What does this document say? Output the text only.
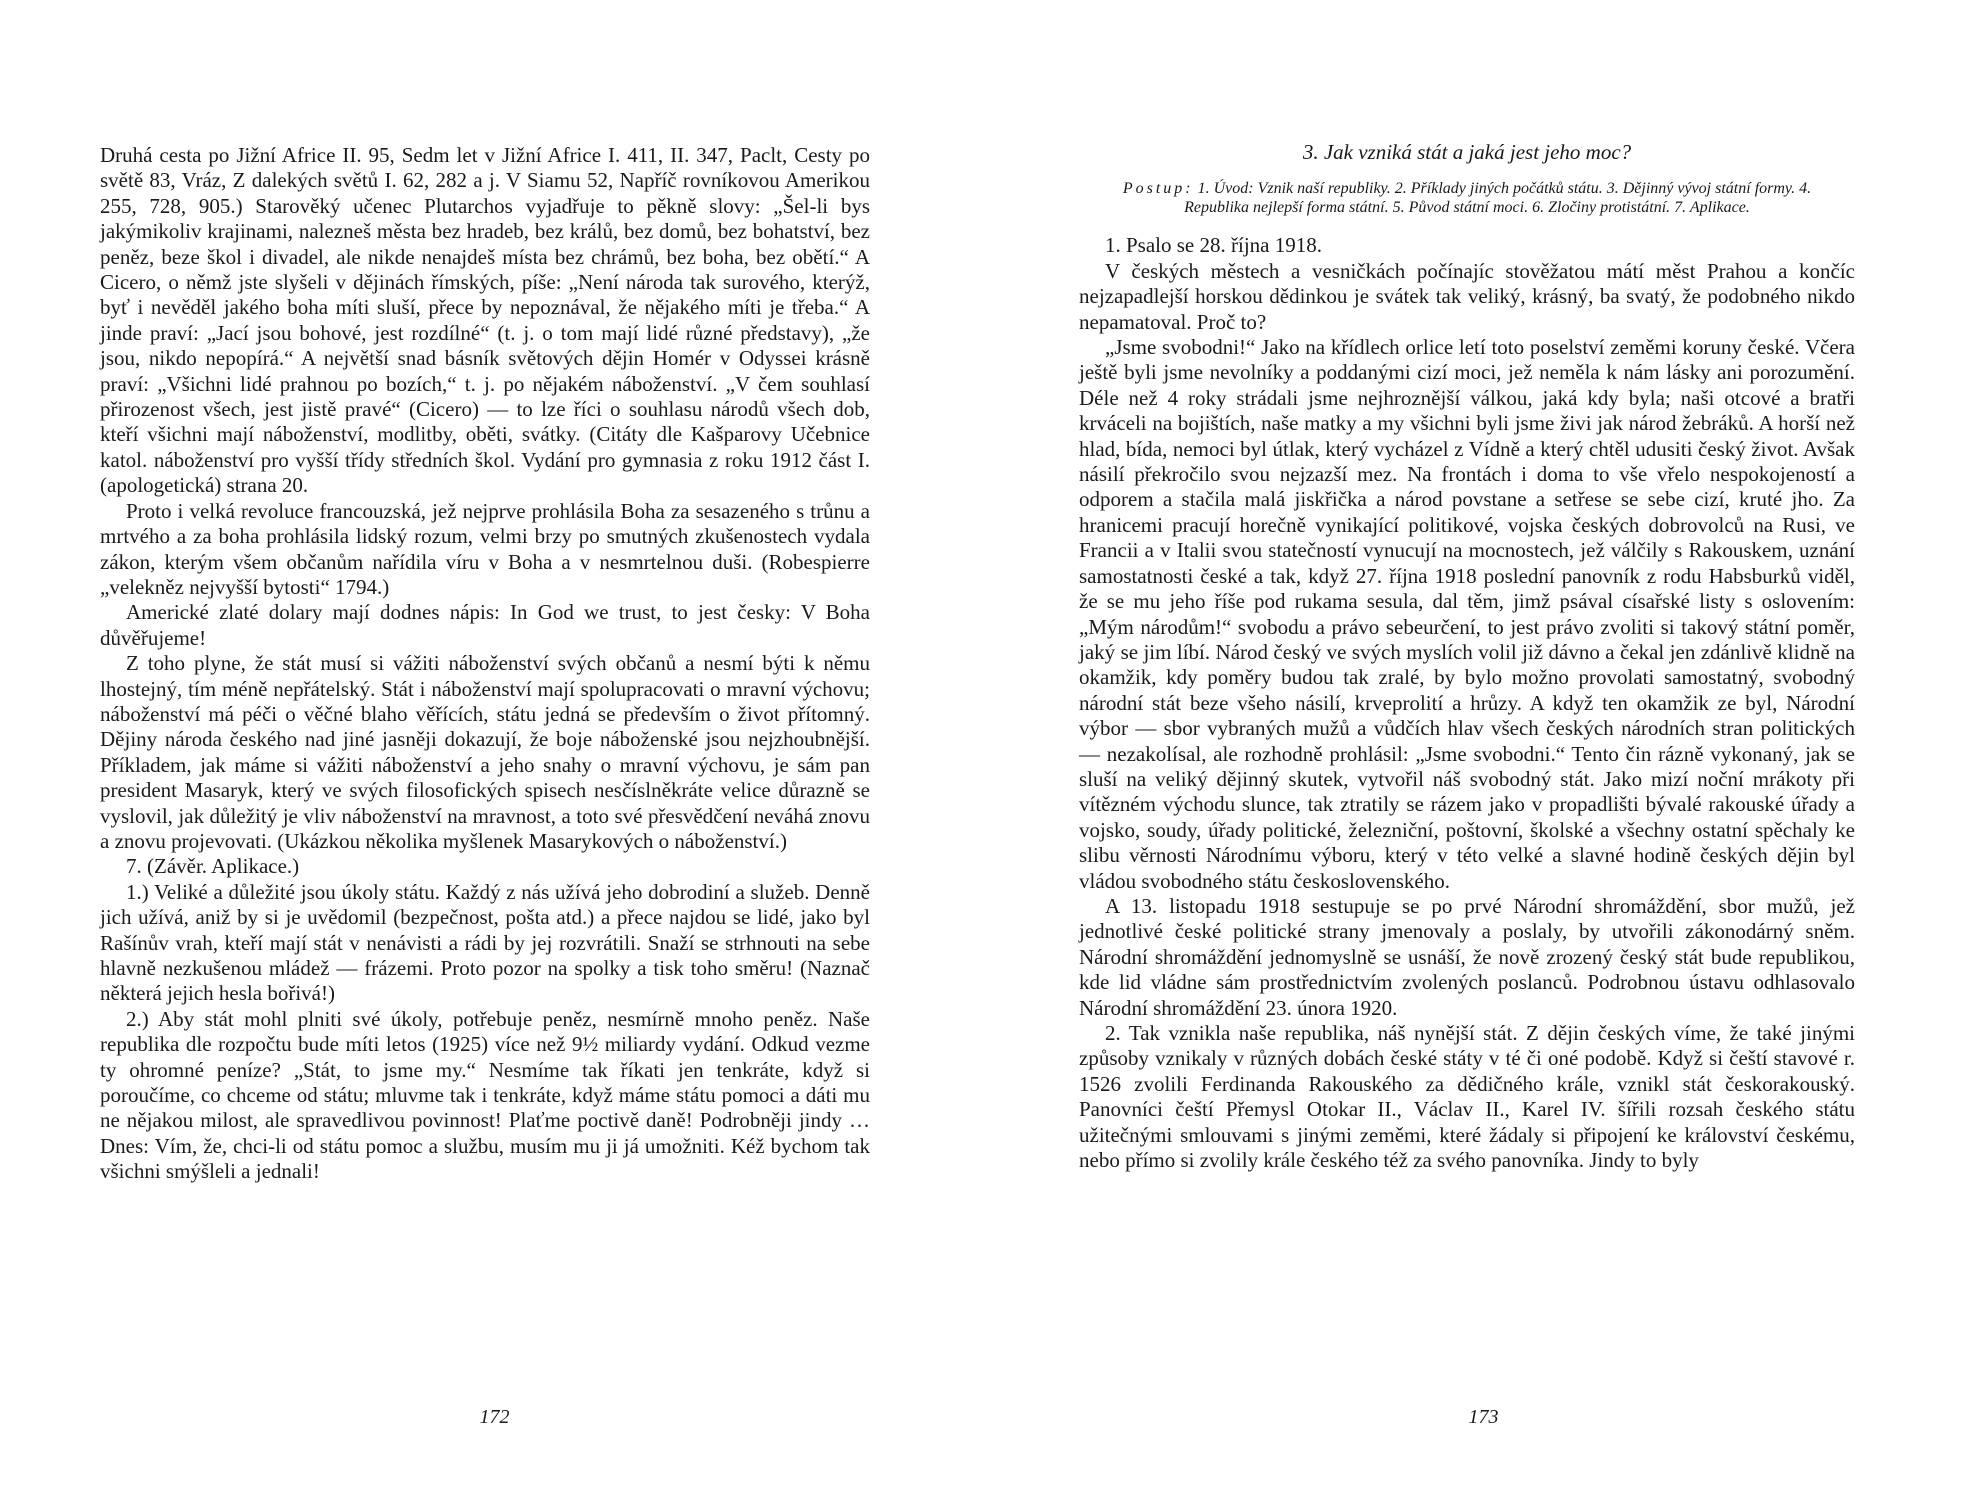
Druhá cesta po Jižní Africe II. 95, Sedm let v Jižní Africe I. 411, II. 347, Paclt, Cesty po světě 83, Vráz, Z dalekých světů I. 62, 282 a j. V Siamu 52, Napříč rovníkovou Amerikou 255, 728, 905.) Starověký učenec Plutarchos vyjadřuje to pěkně slovy: „Šel-li bys jakýmikoliv krajinami, nalezneš města bez hradeb, bez králů, bez domů, bez bohatství, bez peněz, beze škol i divadel, ale nikde nenajdeš místa bez chrámů, bez boha, bez obětí.“ A Cicero, o němž jste slyšeli v dějinách římských, píše: „Není národa tak surového, kterýž, byť i nevěděl jakého boha míti sluší, přece by nepoznával, že nějakého míti je třeba.“ A jinde praví: „Jací jsou bohové, jest rozdílné“ (t. j. o tom mají lidé různé představy), „že jsou, nikdo nepopírá.“ A největší snad básník světových dějin Homér v Odyssei krásně praví: „Všichni lidé prahnou po bozích,“ t. j. po nějakém náboženství. „V čem souhlasí přirozenost všech, jest jistě pravé“ (Cicero) — to lze říci o souhlasu národů všech dob, kteří všichni mají náboženství, modlitby, oběti, svátky. (Citáty dle Kašparovy Učebnice katol. náboženství pro vyšší třídy středních škol. Vydání pro gymnasia z roku 1912 část I. (apologetická) strana 20.

Proto i velká revoluce francouzská, jež nejprve prohlásila Boha za sesazeného s trůnu a mrtvého a za boha prohlásila lidský rozum, velmi brzy po smutných zkušenostech vydala zákon, kterým všem občanům nařídila víru v Boha a v nesmrtelnou duši. (Robespierre „velekněz nejvyšší bytosti“ 1794.)

Americké zlaté dolary mají dodnes nápis: In God we trust, to jest česky: V Boha důvěřujeme!

Z toho plyne, že stát musí si vážiti náboženství svých občanů a nesmí býti k němu lhostejný, tím méně nepřátelský. Stát i náboženství mají spolupracovati o mravní výchovu; náboženství má péči o věčné blaho věřících, státu jedná se především o život přítomný. Dějiny národa českého nad jiné jasněji dokazují, že boje náboženské jsou nejzhoubnější. Příkladem, jak máme si vážiti náboženství a jeho snahy o mravní výchovu, je sám pan president Masaryk, který ve svých filosofických spisech nesčíslněkráte velice důrazně se vyslovil, jak důležitý je vliv náboženství na mravnost, a toto své přesvědčení neváhá znovu a znovu projevovati. (Ukázkou několika myšlenek Masarykových o náboženství.)

7. (Závěr. Aplikace.)

1.) Veliké a důležité jsou úkoly státu. Každý z nás užívá jeho dobrodiní a služeb. Denně jich užívá, aniž by si je uvědomil (bezpečnost, pošta atd.) a přece najdou se lidé, jako byl Rašínův vrah, kteří mají stát v nenávisti a rádi by jej rozvrátili. Snaží se strhnouti na sebe hlavně nezkušenou mládež — frázemi. Proto pozor na spolky a tisk toho směru! (Naznač některá jejich hesla bořivá!)

2.) Aby stát mohl plniti své úkoly, potřebuje peněz, nesmírně mnoho peněz. Naše republika dle rozpočtu bude míti letos (1925) více než 9½ miliardy vydání. Odkud vezme ty ohromné peníze? „Stát, to jsme my.“ Nesmíme tak říkati jen tenkráte, když si poroučíme, co chceme od státu; mluvme tak i tenkráte, když máme státu pomoci a dáti mu ne nějakou milost, ale spravedlivou povinnost! Plaťme poctivě daně! Podrobněji jindy … Dnes: Vím, že, chci-li od státu pomoc a službu, musím mu ji já umožniti. Kéž bychom tak všichni smýšleli a jednali!

172
3. Jak vzniká stát a jaká jest jeho moc?
Postup: 1. Úvod: Vznik naší republiky. 2. Příklady jiných počátků státu. 3. Dějinný vývoj státní formy. 4. Republika nejlepší forma státní. 5. Původ státní moci. 6. Zločiny protistátní. 7. Aplikace.

1. Psalo se 28. října 1918.

V českých městech a vesničkách počínajíc stověžatou mátí měst Prahou a končíc nejzapadlejší horskou dědinkou je svátek tak veliký, krásný, ba svatý, že podobného nikdo nepamatoval. Proč to?

„Jsme svobodni!“ Jako na křídlech orlice letí toto poselství zeměmi koruny české. Včera ještě byli jsme nevolníky a poddanými cizí moci, jež neměla k nám lásky ani porozumění. Déle než 4 roky strádali jsme nejhroznější válkou, jaká kdy byla; naši otcové a bratři krváceli na bojištích, naše matky a my všichni byli jsme živi jak národ žebráků. A horší než hlad, bída, nemoci byl útlak, který vycházel z Vídně a který chtěl udusiti český život. Avšak násilí překročilo svou nejzazší mez. Na frontách i doma to vše vřelo nespokojeností a odporem a stačila malá jiskřička a národ povstane a setřese se sebe cizí, kruté jho. Za hranicemi pracují horečně vynikající politikové, vojska českých dobrovolců na Rusi, ve Francii a v Italii svou statečností vynucují na mocnostech, jež válčily s Rakouskem, uznání samostatnosti české a tak, když 27. října 1918 poslední panovník z rodu Habsburků viděl, že se mu jeho říše pod rukama sesula, dal těm, jimž psával císařské listy s oslovením: „Mým národům!“ svobodu a právo sebeurčení, to jest právo zvoliti si takový státní poměr, jaký se jim líbí. Národ český ve svých myslích volil již dávno a čekal jen zdánlivě klidně na okamžik, kdy poměry budou tak zralé, by bylo možno provolati samostatný, svobodný národní stát beze všeho násilí, krveprolití a hrůzy. A když ten okamžik ze byl, Národní výbor — sbor vybraných mužů a vůdčích hlav všech českých národních stran politických — nezakolísal, ale rozhodně prohlásil: „Jsme svobodni.“ Tento čin rázně vykonaný, jak se sluší na veliký dějinný skutek, vytvořil náš svobodný stát. Jako mizí noční mrákoty při vítězném východu slunce, tak ztratily se rázem jako v propadlišti bývalé rakouské úřady a vojsko, soudy, úřady politické, železniční, poštovní, školské a všechny ostatní spěchaly ke slibu věrnosti Národnímu výboru, který v této velké a slavné hodině českých dějin byl vládou svobodného státu československého.

A 13. listopadu 1918 sestupuje se po prvé Národní shromáždění, sbor mužů, jež jednotlivé české politické strany jmenovaly a poslaly, by utvořili zákonodárný sněm. Národní shromáždění jednomyslně se usnáší, že nově zrozený český stát bude republikou, kde lid vládne sám prostřednictvím zvolených poslanců. Podrobnou ústavu odhlasovalo Národní shromáždění 23. února 1920.

2. Tak vznikla naše republika, náš nynější stát. Z dějin českých víme, že také jinými způsoby vznikaly v různých dobách české státy v té či oné podobě. Když si čeští stavové r. 1526 zvolili Ferdinanda Rakouského za dědičného krále, vznikl stát českorakouský. Panovníci čeští Přemysl Otokar II., Václav II., Karel IV. šířili rozsah českého státu užitečnými smlouvami s jinými zeměmi, které žádaly si připojení ke království českému, nebo přímo si zvolily krále českého též za svého panovníka. Jindy to byly

173
